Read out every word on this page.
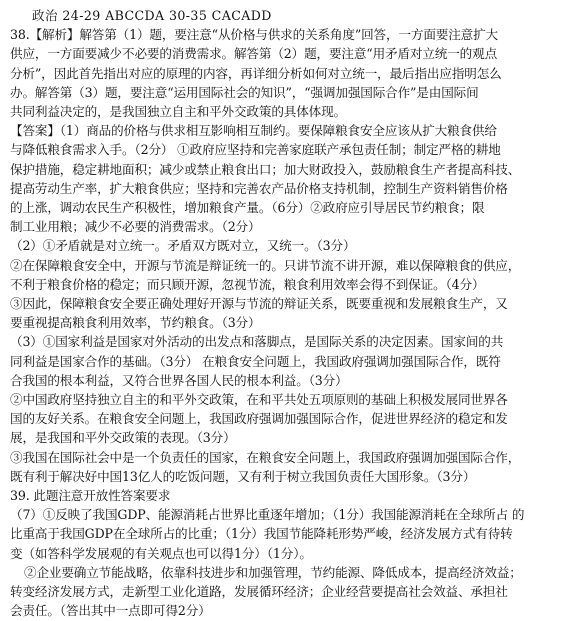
政治 24-29 ABCCDA 30-35 CACADD
38.【解析】解答第（1）题，要注意“从价格与供求的关系角度”回答，一方面要注意扩大
供应，一方面要减少不必要的消费需求。解答第（2）题，要注意“用矛盾对立统一的观点
分析”，因此首先指出对应的原理的内容，再详细分析如何对立统一，最后指出应指明怎么
办。解答第（3）题，要注意“运用国际社会的知识”，“强调加强国际合作”是由国际间
共同利益决定的，是我国独立自主和平外交政策的具体体现。
【答案】（1）商品的价格与供求相互影响相互制约。要保障粮食安全应该从扩大粮食供给
与降低粮食需求入手。（2分） ①政府应坚持和完善家庭联产承包责任制；制定严格的耕地
保护措施，稳定耕地面积；减少或禁止粮食出口；加大财政投入，鼓励粮食生产者提高科技、
提高劳动生产率，扩大粮食供应；坚持和完善农产品价格支持机制，控制生产资料销售价格
的上涨，调动农民生产积极性，增加粮食产量。（6分）②政府应引导居民节约粮食；限
制工业用粮；减少不必要的消费需求。（2分）
（2）①矛盾就是对立统一。矛盾双方既对立，又统一。（3分）
②在保障粮食安全中，开源与节流是辩证统一的。只讲节流不讲开源，难以保障粮食的供应，
不利于粮食价格的稳定；而只顾开源，忽视节流，粮食利用效率会得不到保证。（4分）
③因此，保障粮食安全要正确处理好开源与节流的辩证关系，既要重视和发展粮食生产，又
要重视提高粮食利用效率，节约粮食。（3分）
（3）①国家利益是国家对外活动的出发点和落脚点，是国际关系的决定因素。国家间的共
同利益是国家合作的基础。（3分） 在粮食安全问题上，我国政府强调加强国际合作，既符
合我国的根本利益，又符合世界各国人民的根本利益。（3分）
②中国政府坚持独立自主的和平外交政策，在和平共处五项原则的基础上积极发展同世界各
国的友好关系。在粮食安全问题上，我国政府强调加强国际合作，促进世界经济的稳定和发
展，是我国和平外交政策的表现。（3分）
③我国在国际社会中是一个负责任的国家，在粮食安全问题上，我国政府强调加强国际合作，
既有利于解决好中国13亿人的吃饭问题，又有利于树立我国负责任大国形象。（3分）
39. 此题注意开放性答案要求
（7）①反映了我国GDP、能源消耗占世界比重逐年增加；（1分）我国能源消耗在全球所占 的
比重高于我国GDP在全球所占的比重；（1分）我国节能降耗形势严峻，经济发展方式有待转
变（如答科学发展观的有关观点也可以得1分）（1分）。
②企业要确立节能战略，依靠科技进步和加强管理，节约能源、降低成本，提高经济效益；
转变经济发展方式，走新型工业化道路，发展循环经济；企业经营要提高社会效益、承担社
会责任。（答出其中一点即可得2分）
